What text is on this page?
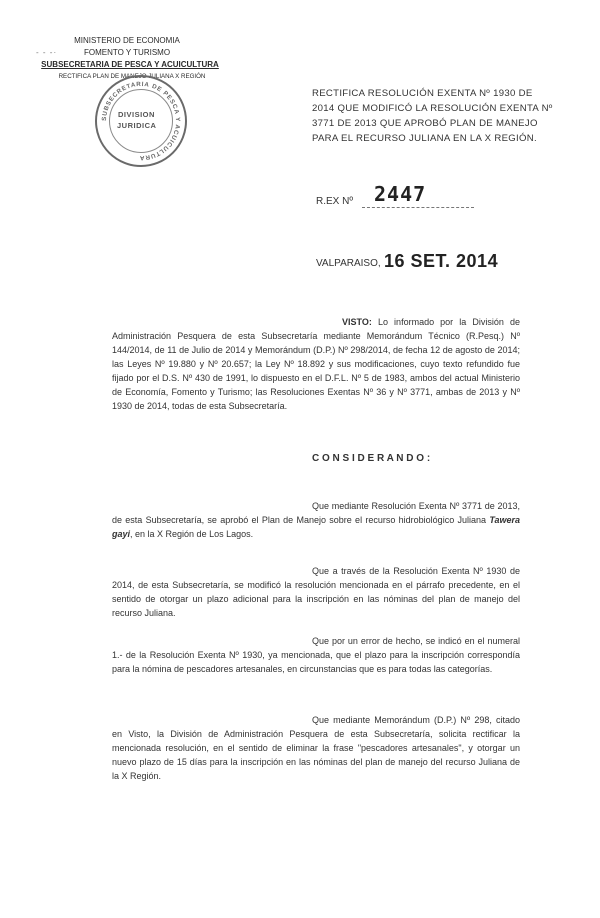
- - -·
MINISTERIO DE ECONOMIA
FOMENTO Y TURISMO
SUBSECRETARIA DE PESCA Y ACUICULTURA
RECTIFICA PLAN DE MANEJO JULIANA X REGIÓN
SUBSECRETARIA DE PESCA Y ACUICULTURA
DIVISION
JURIDICA
RECTIFICA RESOLUCIÓN EXENTA Nº 1930 DE
2014 QUE MODIFICÓ LA RESOLUCIÓN EXENTA Nº
3771 DE 2013 QUE APROBÓ PLAN DE MANEJO
PARA EL RECURSO JULIANA EN LA X REGIÓN.
R.EX Nº 2447
VALPARAISO, 16 SET. 2014
VISTO: Lo informado por la División de Administración Pesquera de esta Subsecretaría mediante Memorándum Técnico (R.Pesq.) Nº 144/2014, de 11 de Julio de 2014 y Memorándum (D.P.) Nº 298/2014, de fecha 12 de agosto de 2014; las Leyes Nº 19.880 y Nº 20.657; la Ley Nº 18.892 y sus modificaciones, cuyo texto refundido fue fijado por el D.S. Nº 430 de 1991, lo dispuesto en el D.F.L. Nº 5 de 1983, ambos del actual Ministerio de Economía, Fomento y Turismo; las Resoluciones Exentas Nº 36 y Nº 3771, ambas de 2013 y Nº 1930 de 2014, todas de esta Subsecretaría.
C O N S I D E R A N D O :
Que mediante Resolución Exenta Nº 3771 de 2013, de esta Subsecretaría, se aprobó el Plan de Manejo sobre el recurso hidrobiológico Juliana Tawera gayi, en la X Región de Los Lagos.
Que a través de la Resolución Exenta Nº 1930 de 2014, de esta Subsecretaría, se modificó la resolución mencionada en el párrafo precedente, en el sentido de otorgar un plazo adicional para la inscripción en las nóminas del plan de manejo del recurso Juliana.
Que por un error de hecho, se indicó en el numeral 1.- de la Resolución Exenta Nº 1930, ya mencionada, que el plazo para la inscripción correspondía para la nómina de pescadores artesanales, en circunstancias que es para todas las categorías.
Que mediante Memorándum (D.P.) Nº 298, citado en Visto, la División de Administración Pesquera de esta Subsecretaría, solicita rectificar la mencionada resolución, en el sentido de eliminar la frase "pescadores artesanales", y otorgar un nuevo plazo de 15 días para la inscripción en las nóminas del plan de manejo del recurso Juliana de la X Región.
